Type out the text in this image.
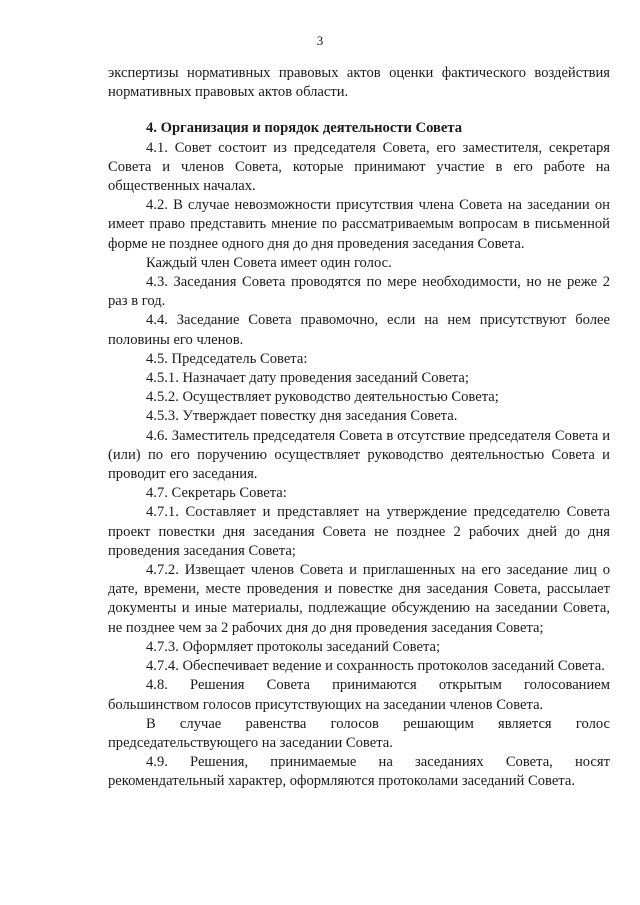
3

экспертизы нормативных правовых актов оценки фактического воздействия нормативных правовых актов области.

4. Организация и порядок деятельности Совета

4.1. Совет состоит из председателя Совета, его заместителя, секретаря Совета и членов Совета, которые принимают участие в его работе на общественных началах.

4.2. В случае невозможности присутствия члена Совета на заседании он имеет право представить мнение по рассматриваемым вопросам в письменной форме не позднее одного дня до дня проведения заседания Совета.

Каждый член Совета имеет один голос.

4.3. Заседания Совета проводятся по мере необходимости, но не реже 2 раз в год.

4.4. Заседание Совета правомочно, если на нем присутствуют более половины его членов.

4.5. Председатель Совета:

4.5.1. Назначает дату проведения заседаний Совета;

4.5.2. Осуществляет руководство деятельностью Совета;

4.5.3. Утверждает повестку дня заседания Совета.

4.6. Заместитель председателя Совета в отсутствие председателя Совета и (или) по его поручению осуществляет руководство деятельностью Совета и проводит его заседания.

4.7. Секретарь Совета:

4.7.1. Составляет и представляет на утверждение председателю Совета проект повестки дня заседания Совета не позднее 2 рабочих дней до дня проведения заседания Совета;

4.7.2. Извещает членов Совета и приглашенных на его заседание лиц о дате, времени, месте проведения и повестке дня заседания Совета, рассылает документы и иные материалы, подлежащие обсуждению на заседании Совета, не позднее чем за 2 рабочих дня до дня проведения заседания Совета;

4.7.3. Оформляет протоколы заседаний Совета;

4.7.4. Обеспечивает ведение и сохранность протоколов заседаний Совета.

4.8. Решения Совета принимаются открытым голосованием большинством голосов присутствующих на заседании членов Совета.

В случае равенства голосов решающим является голос председательствующего на заседании Совета.

4.9. Решения, принимаемые на заседаниях Совета, носят рекомендательный характер, оформляются протоколами заседаний Совета.
